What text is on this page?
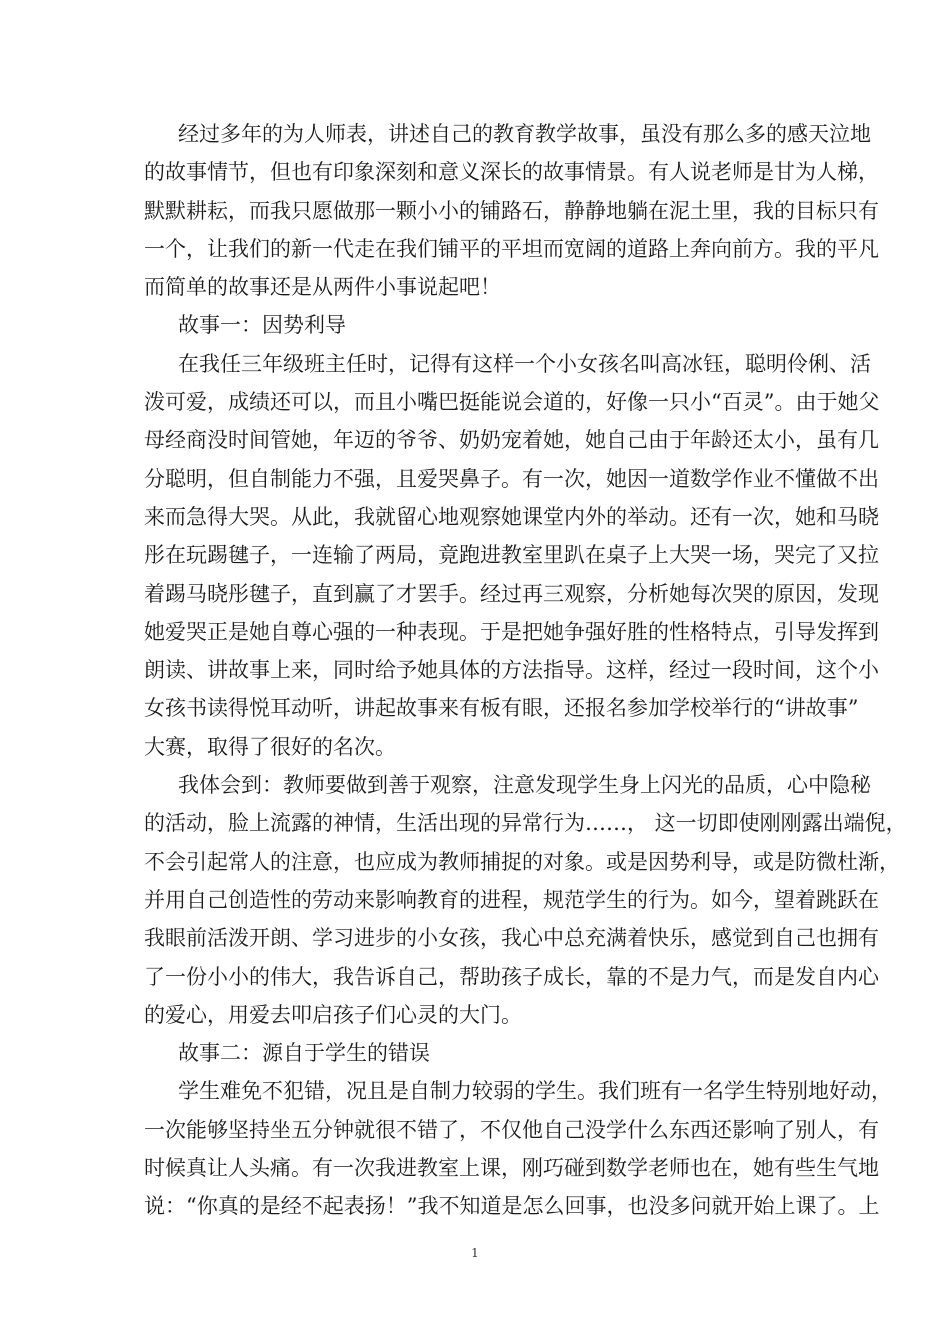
经过多年的为人师表，讲述自己的教育教学故事，虽没有那么多的感天泣地
的故事情节，但也有印象深刻和意义深长的故事情景。有人说老师是甘为人梯，
默默耕耘，而我只愿做那一颗小小的铺路石，静静地躺在泥土里，我的目标只有
一个，让我们的新一代走在我们铺平的平坦而宽阔的道路上奔向前方。我的平凡
而简单的故事还是从两件小事说起吧！
故事一：因势利导
在我任三年级班主任时，记得有这样一个小女孩名叫高冰钰，聪明伶俐、活
泼可爱，成绩还可以，而且小嘴巴挺能说会道的，好像一只小“百灵”。由于她父
母经商没时间管她，年迈的爷爷、奶奶宠着她，她自己由于年龄还太小，虽有几
分聪明，但自制能力不强，且爱哭鼻子。有一次，她因一道数学作业不懂做不出
来而急得大哭。从此，我就留心地观察她课堂内外的举动。还有一次，她和马晓
彤在玩踢毽子，一连输了两局，竟跑进教室里趴在桌子上大哭一场，哭完了又拉
着踢马晓彤毽子，直到赢了才罢手。经过再三观察，分析她每次哭的原因，发现
她爱哭正是她自尊心强的一种表现。于是把她争强好胜的性格特点，引导发挥到
朗读、讲故事上来，同时给予她具体的方法指导。这样，经过一段时间，这个小
女孩书读得悦耳动听，讲起故事来有板有眼，还报名参加学校举行的“讲故事”
大赛，取得了很好的名次。
我体会到：教师要做到善于观察，注意发现学生身上闪光的品质，心中隐秘
的活动，脸上流露的神情，生活出现的异常行为……， 这一切即使刚刚露出端倪，
不会引起常人的注意，也应成为教师捕捉的对象。或是因势利导，或是防微杜渐，
并用自己创造性的劳动来影响教育的进程，规范学生的行为。如今，望着跳跃在
我眼前活泼开朗、学习进步的小女孩，我心中总充满着快乐，感觉到自己也拥有
了一份小小的伟大，我告诉自己，帮助孩子成长，靠的不是力气，而是发自内心
的爱心，用爱去叩启孩子们心灵的大门。
故事二：源自于学生的错误
学生难免不犯错，况且是自制力较弱的学生。我们班有一名学生特别地好动，
一次能够坚持坐五分钟就很不错了，不仅他自己没学什么东西还影响了别人，有
时候真让人头痛。有一次我进教室上课，刚巧碰到数学老师也在，她有些生气地
说：“你真的是经不起表扬！”我不知道是怎么回事，也没多问就开始上课了。上
1
